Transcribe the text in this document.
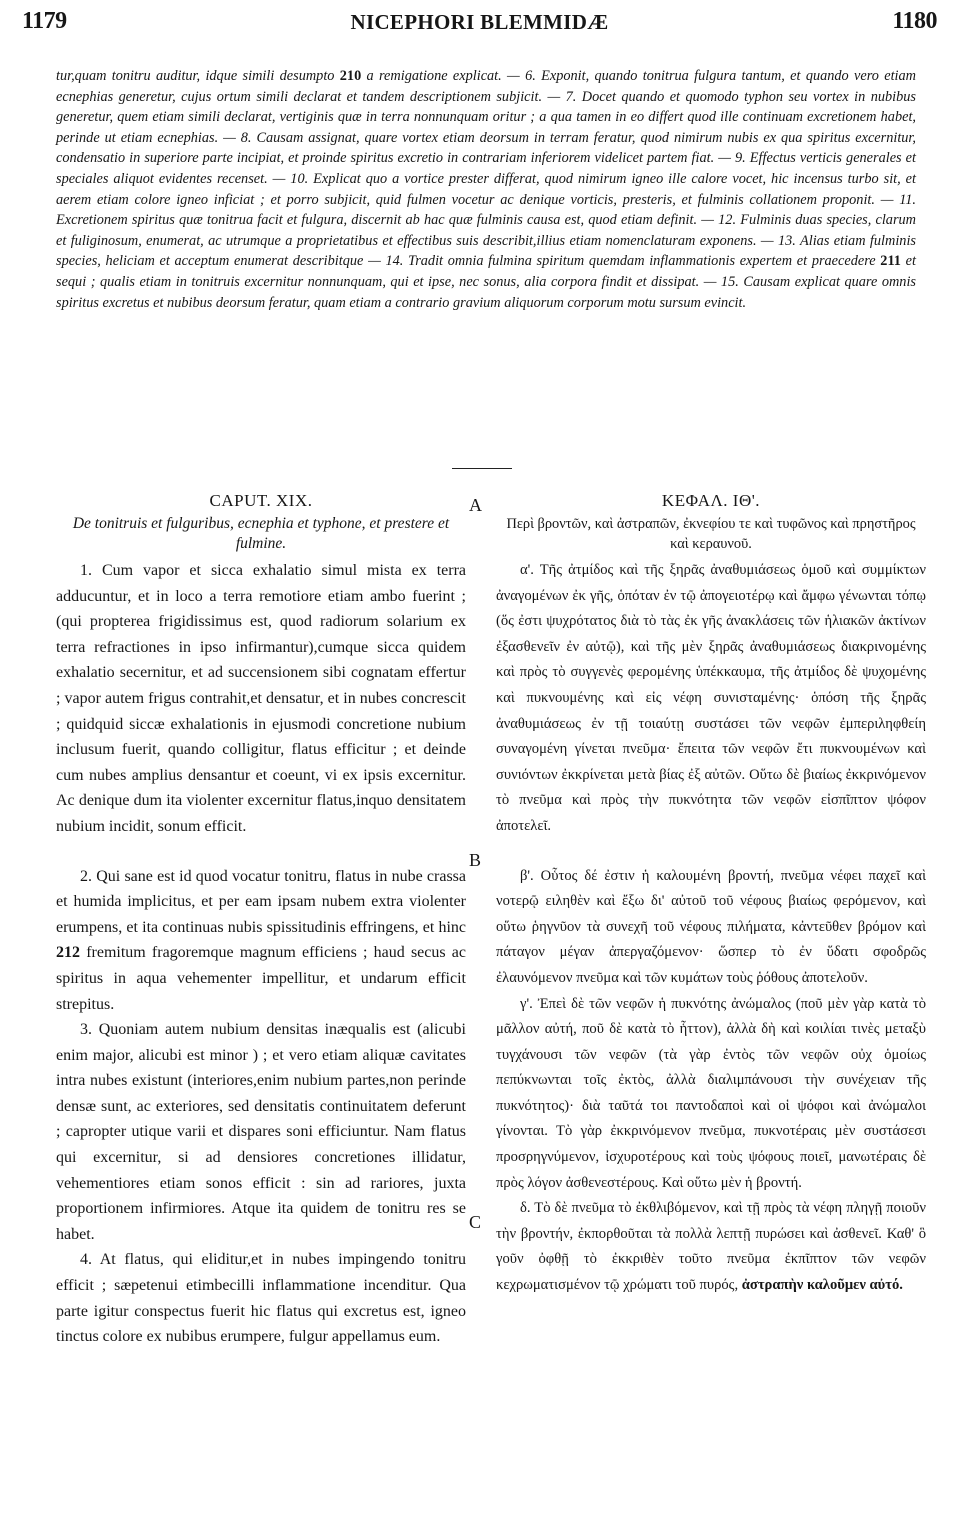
1179	NICEPHORI BLEMMIDÆ	1180
tur,quam tonitru auditur, idque simili desumpto 210 a remigatione explicat. — 6. Exponit, quando tonitrua fulgura tantum, et quando vero etiam ecnephias generetur, cujus ortum simili declarat et tandem descriptionem subjicit. — 7. Docet quando et quomodo typhon seu vortex in nubibus generetur, quem etiam simili declarat, vertiginis quæ in terra nonnunquam oritur ; a qua tamen in eo differt quod ille continuam excretionem habet, perinde ut etiam ecnephias. — 8. Causam assignat, quare vortex etiam deorsum in terram feratur, quod nimirum nubis ex qua spiritus excernitur, condensatio in superiore parte incipiat, et proinde spiritus excretio in contrariam inferiorem videlicet partem fiat. — 9. Effectus verticis generales et speciales aliquot evidentes recenset. — 10. Explicat quo a vortice prester differat, quod nimirum igneo ille calore vocet, hic incensus turbo sit, et aerem etiam colore igneo inficiat ; et porro subjicit, quid fulmen vocetur ac denique vorticis, presteris, et fulminis collationem proponit. — 11. Excretionem spiritus quæ tonitrua facit et fulgura, discernit ab hac quæ fulminis causa est, quod etiam definit. — 12. Fulminis duas species, clarum et fuliginosum, enumerat, ac utrumque a proprietatibus et effectibus suis describit,illius etiam nomenclaturam exponens. — 13. Alias etiam fulminis species, heliciam et acceptum enumerat describitque — 14. Tradit omnia fulmina spiritum quemdam inflammationis expertem et praecedere 211 et sequi ; qualis etiam in tonitruis excernitur nonnunquam, qui et ipse, nec sonus, alia corpora findit et dissipat. — 15. Causam explicat quare omnis spiritus excretus et nubibus deorsum feratur, quam etiam a contrario gravium aliquorum corporum motu sursum evincit.
CAPUT. XIX.
De tonitruis et fulguribus, ecnephia et typhone, et prestere et fulmine.

1. Cum vapor et sicca exhalatio simul mista ex terra adducuntur, et in loco a terra remotiore etiam ambo fuerint ; (qui propterea frigidissimus est, quod radiorum solarium ex terra refractiones in ipso infirmantur),cumque sicca quidem exhalatio secernitur, et ad succensionem sibi cognatam effertur ; vapor autem frigus contrahit,et densatur, et in nubes concrescit ; quidquid siccæ exhalationis in ejusmodi concretione nubium inclusum fuerit, quando colligitur, flatus efficitur ; et deinde cum nubes amplius densantur et coeunt, vi ex ipsis excernitur. Ac denique dum ita violenter excernitur flatus,inquo densitatem nubium incidit, sonum efficit.

2. Qui sane est id quod vocatur tonitru, flatus in nube crassa et humida implicitus, et per eam ipsam nubem extra violenter erumpens, et ita continuas nubis spissitudinis effringens, et hinc 212 fremitum fragoremque magnum efficiens ; haud secus ac spiritus in aqua vehementer impellitur, et undarum efficit strepitus.

3. Quoniam autem nubium densitas inæqualis est (alicubi enim major, alicubi est minor ) ; et vero etiam aliquæ cavitates intra nubes existunt (interiores,enim nubium partes,non perinde densæ sunt, ac exteriores, sed densitatis continuitatem deferunt ; capropter utique varii et dispares soni efficiuntur. Nam flatus qui excernitur, si ad densiores concretiones illidatur, vehementiores etiam sonos efficit : sin ad rariores, juxta proportionem infirmiores. Atque ita quidem de tonitru res se habet.

4. At flatus, qui eliditur,et in nubes impingendo tonitru efficit ; sæpetenui etimbecilli inflammatione incenditur. Qua parte igitur conspectus fuerit hic flatus qui excretus est, igneo tinctus colore ex nubibus erumpere, fulgur appellamus eum.

ΚΕΦΑΛ. ΙΘ'.
Περὶ βροντῶν, καὶ ἀστραπῶν, ἐκνεφίου τε καὶ τυφῶνος καὶ πρηστῆρος καὶ κεραυνοῦ.

α'. Τῆς ἀτμίδος καὶ τῆς ξηρᾶς ἀναθυμιάσεως ὁμοῦ καὶ συμμίκτων ἀναγομένων ἐκ γῆς, ὁπόταν ἐν τῷ ἀπογειοτέρῳ καὶ ἄμφω γένωνται τόπῳ (ὅς ἐστι ψυχρότατος διὰ τὸ τὰς ἐκ γῆς ἀνακλάσεις τῶν ἡλιακῶν ἀκτίνων ἐξασθενεῖν ἐν αὐτῷ), καὶ τῆς μὲν ξηρᾶς ἀναθυμιάσεως διακρινομένης καὶ πρὸς τὸ συγγενὲς φερομένης ὑπέκκαυμα, τῆς ἀτμίδος δὲ ψυχομένης καὶ πυκνουμένης καὶ εἰς νέφη συνισταμένης· ὁπόση τῆς ξηρᾶς ἀναθυμιάσεως ἐν τῇ τοιαύτῃ συστάσει τῶν νεφῶν ἐμπεριληφθείη συναγομένη γίνεται πνεῦμα· ἔπειτα τῶν νεφῶν ἔτι πυκνουμένων καὶ συνιόντων ἐκκρίνεται μετὰ βίας ἐξ αὐτῶν. Οὕτω δὲ βιαίως ἐκκρινόμενον τὸ πνεῦμα καὶ πρὸς τὴν πυκνότητα τῶν νεφῶν εἰσπῖπτον ψόφον ἀποτελεῖ.

β'. Οὗτος δέ ἐστιν ἡ καλουμένη βροντή, πνεῦμα νέφει παχεῖ καὶ νοτερῷ ειληθὲν καὶ ἔξω δι' αὐτοῦ τοῦ νέφους βιαίως φερόμενον, καὶ οὕτω ῥηγνῦον τὰ συνεχῆ τοῦ νέφους πιλήματα, κἀντεῦθεν βρόμον καὶ πάταγον μέγαν ἀπεργαζόμενον· ὥσπερ τὸ ἐν ὕδατι σφοδρῶς ἐλαυνόμενον πνεῦμα καὶ τῶν κυμάτων τοὺς ῥόθους ἀποτελοῦν.

γ'. Ἐπεὶ δὲ τῶν νεφῶν ἡ πυκνότης ἀνώμαλος (ποῦ μὲν γὰρ κατὰ τὸ μᾶλλον αὐτή, ποῦ δὲ κατὰ τὸ ἧττον), ἀλλὰ δὴ καὶ κοιλίαι τινὲς μεταξὺ τυγχάνουσι τῶν νεφῶν (τὰ γὰρ ἐντὸς τῶν νεφῶν οὐχ ὁμοίως πεπύκνωνται τοῖς ἐκτὸς, ἀλλὰ διαλιμπάνουσι τὴν συνέχειαν τῆς πυκνότητος)· διὰ ταῦτά τοι παντοδαποὶ καὶ οἱ ψόφοι καὶ ἀνώμαλοι γίνονται. Τὸ γὰρ ἐκκρινόμενον πνεῦμα, πυκνοτέραις μὲν συστάσεσι προσρηγνύμενον, ἰσχυροτέρους καὶ τοὺς ψόφους ποιεῖ, μανωτέραις δὲ πρὸς λόγον ἀσθενεστέρους. Καὶ οὕτω μὲν ἡ βροντή.

δ. Τὸ δὲ πνεῦμα τὸ ἐκθλιβόμενον, καὶ τῇ πρὸς τὰ νέφη πληγῇ ποιοῦν τὴν βροντήν, ἐκπορθοῦται τὰ πολλὰ λεπτῇ πυρώσει καὶ ἀσθενεῖ. Καθ' ὃ γοῦν ὀφθῇ τὸ ἐκκριθὲν τοῦτο πνεῦμα ἐκπῖπτον τῶν νεφῶν κεχρωματισμένον τῷ χρώματι τοῦ πυρός, ἀστραπὴν καλοῦμεν αὐτό.

A
B
C
